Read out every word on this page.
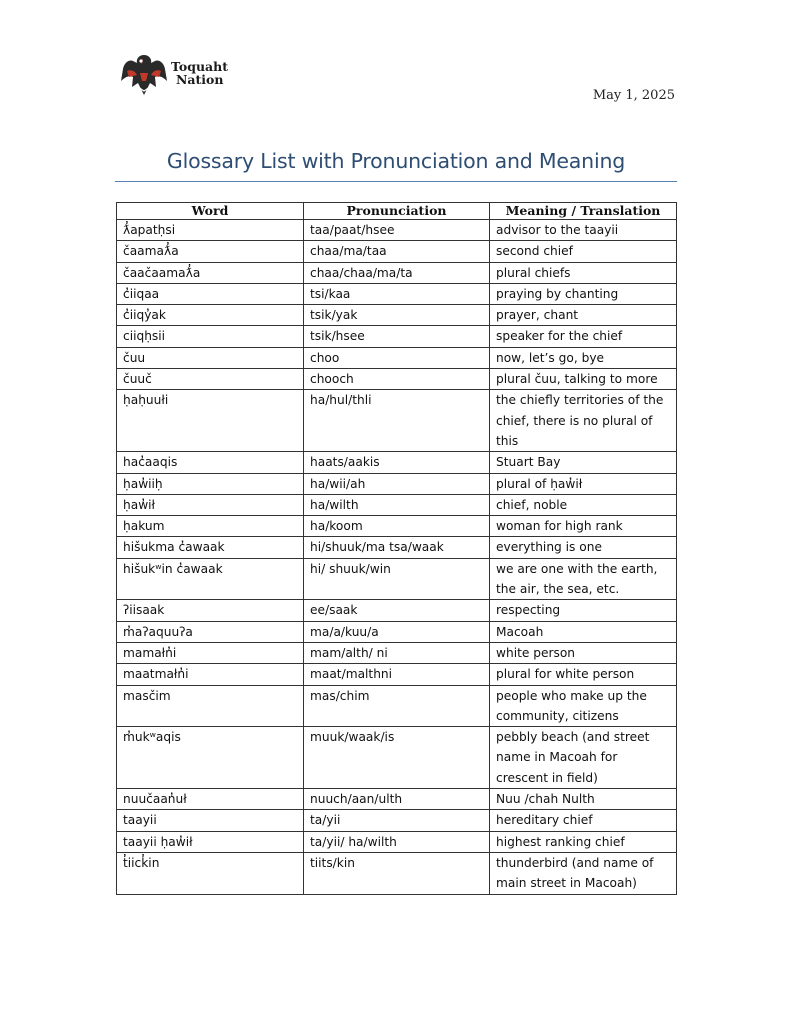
Toquaht
Nation
May 1, 2025
Glossary List with Pronunciation and Meaning
Word	Pronunciation	Meaning / Translation
ƛ̓apatḥsi	taa/paat/hsee	advisor to the taayii
čaamaƛ̓a	chaa/ma/taa	second chief
čaačaamaƛ̓a	chaa/chaa/ma/ta	plural chiefs
c̓iiqaa	tsi/kaa	praying by chanting
c̓iiqy̓ak	tsik/yak	prayer, chant
ciiqḥsii	tsik/hsee	speaker for the chief
čuu	choo	now, let’s go, bye
čuuč	chooch	plural čuu, talking to more
ḥaḥuułi	ha/hul/thli	the chiefly territories of the chief, there is no plural of this
hac̓aaqis	haats/aakis	Stuart Bay
ḥaw̓iiḥ	ha/wii/ah	plural of ḥaw̓ił
ḥaw̓ił	ha/wilth	chief, noble
ḥakum	ha/koom	woman for high rank
hišukma c̓awaak	hi/shuuk/ma tsa/waak	everything is one
hišukʷin c̓awaak	hi/ shuuk/win	we are one with the earth, the air, the sea, etc.
ʔiisaak	ee/saak	respecting
m̓aʔaquuʔa	ma/a/kuu/a	Macoah
mamałn̓i	mam/alth/ ni	white person
maatmałn̓i	maat/malthni	plural for white person
masčim	mas/chim	people who make up the community, citizens
m̓ukʷaqis	muuk/waak/is	pebbly beach (and street name in Macoah for crescent in field)
nuučaan̓uł	nuuch/aan/ulth	Nuu /chah Nulth
taayii	ta/yii	hereditary chief
taayii ḥaw̓ił	ta/yii/ ha/wilth	highest ranking chief
t̓iick̓in	tiits/kin	thunderbird (and name of main street in Macoah)
